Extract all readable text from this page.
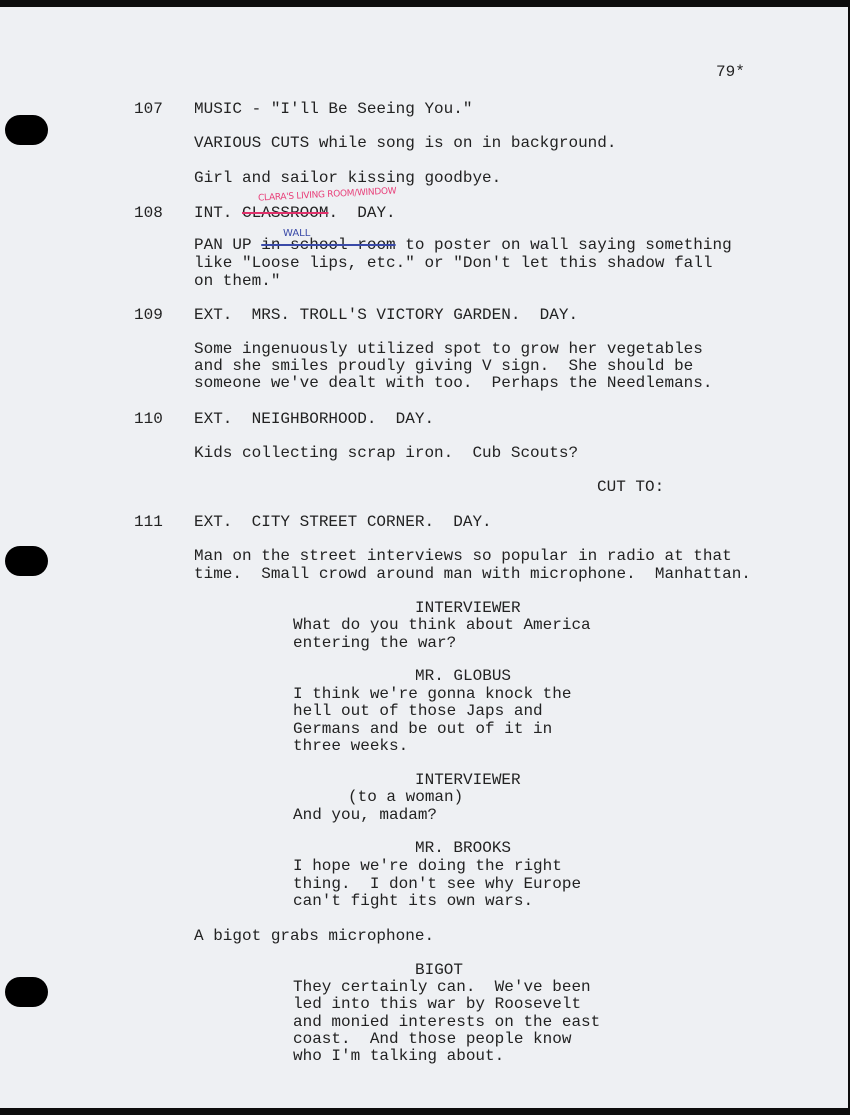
79*

107 MUSIC - "I'll Be Seeing You."

VARIOUS CUTS while song is on in background.

Girl and sailor kissing goodbye.

108 INT. CLASSROOM.  DAY.

CLARA'S LIVING ROOM/WINDOW
WALL

PAN UP in school room to poster on wall saying something

like "Loose lips, etc." or "Don't let this shadow fall

on them."

109 EXT.  MRS. TROLL'S VICTORY GARDEN.  DAY.

Some ingenuously utilized spot to grow her vegetables

and she smiles proudly giving V sign.  She should be

someone we've dealt with too.  Perhaps the Needlemans.

110 EXT.  NEIGHBORHOOD.  DAY.

Kids collecting scrap iron.  Cub Scouts?

CUT TO:

111 EXT.  CITY STREET CORNER.  DAY.

Man on the street interviews so popular in radio at that

time.  Small crowd around man with microphone.  Manhattan.

INTERVIEWER

What do you think about America

entering the war?

MR. GLOBUS

I think we're gonna knock the

hell out of those Japs and

Germans and be out of it in

three weeks.

INTERVIEWER

(to a woman)

And you, madam?

MR. BROOKS

I hope we're doing the right

thing.  I don't see why Europe

can't fight its own wars.

A bigot grabs microphone.

BIGOT

They certainly can.  We've been

led into this war by Roosevelt

and monied interests on the east

coast.  And those people know

who I'm talking about.
